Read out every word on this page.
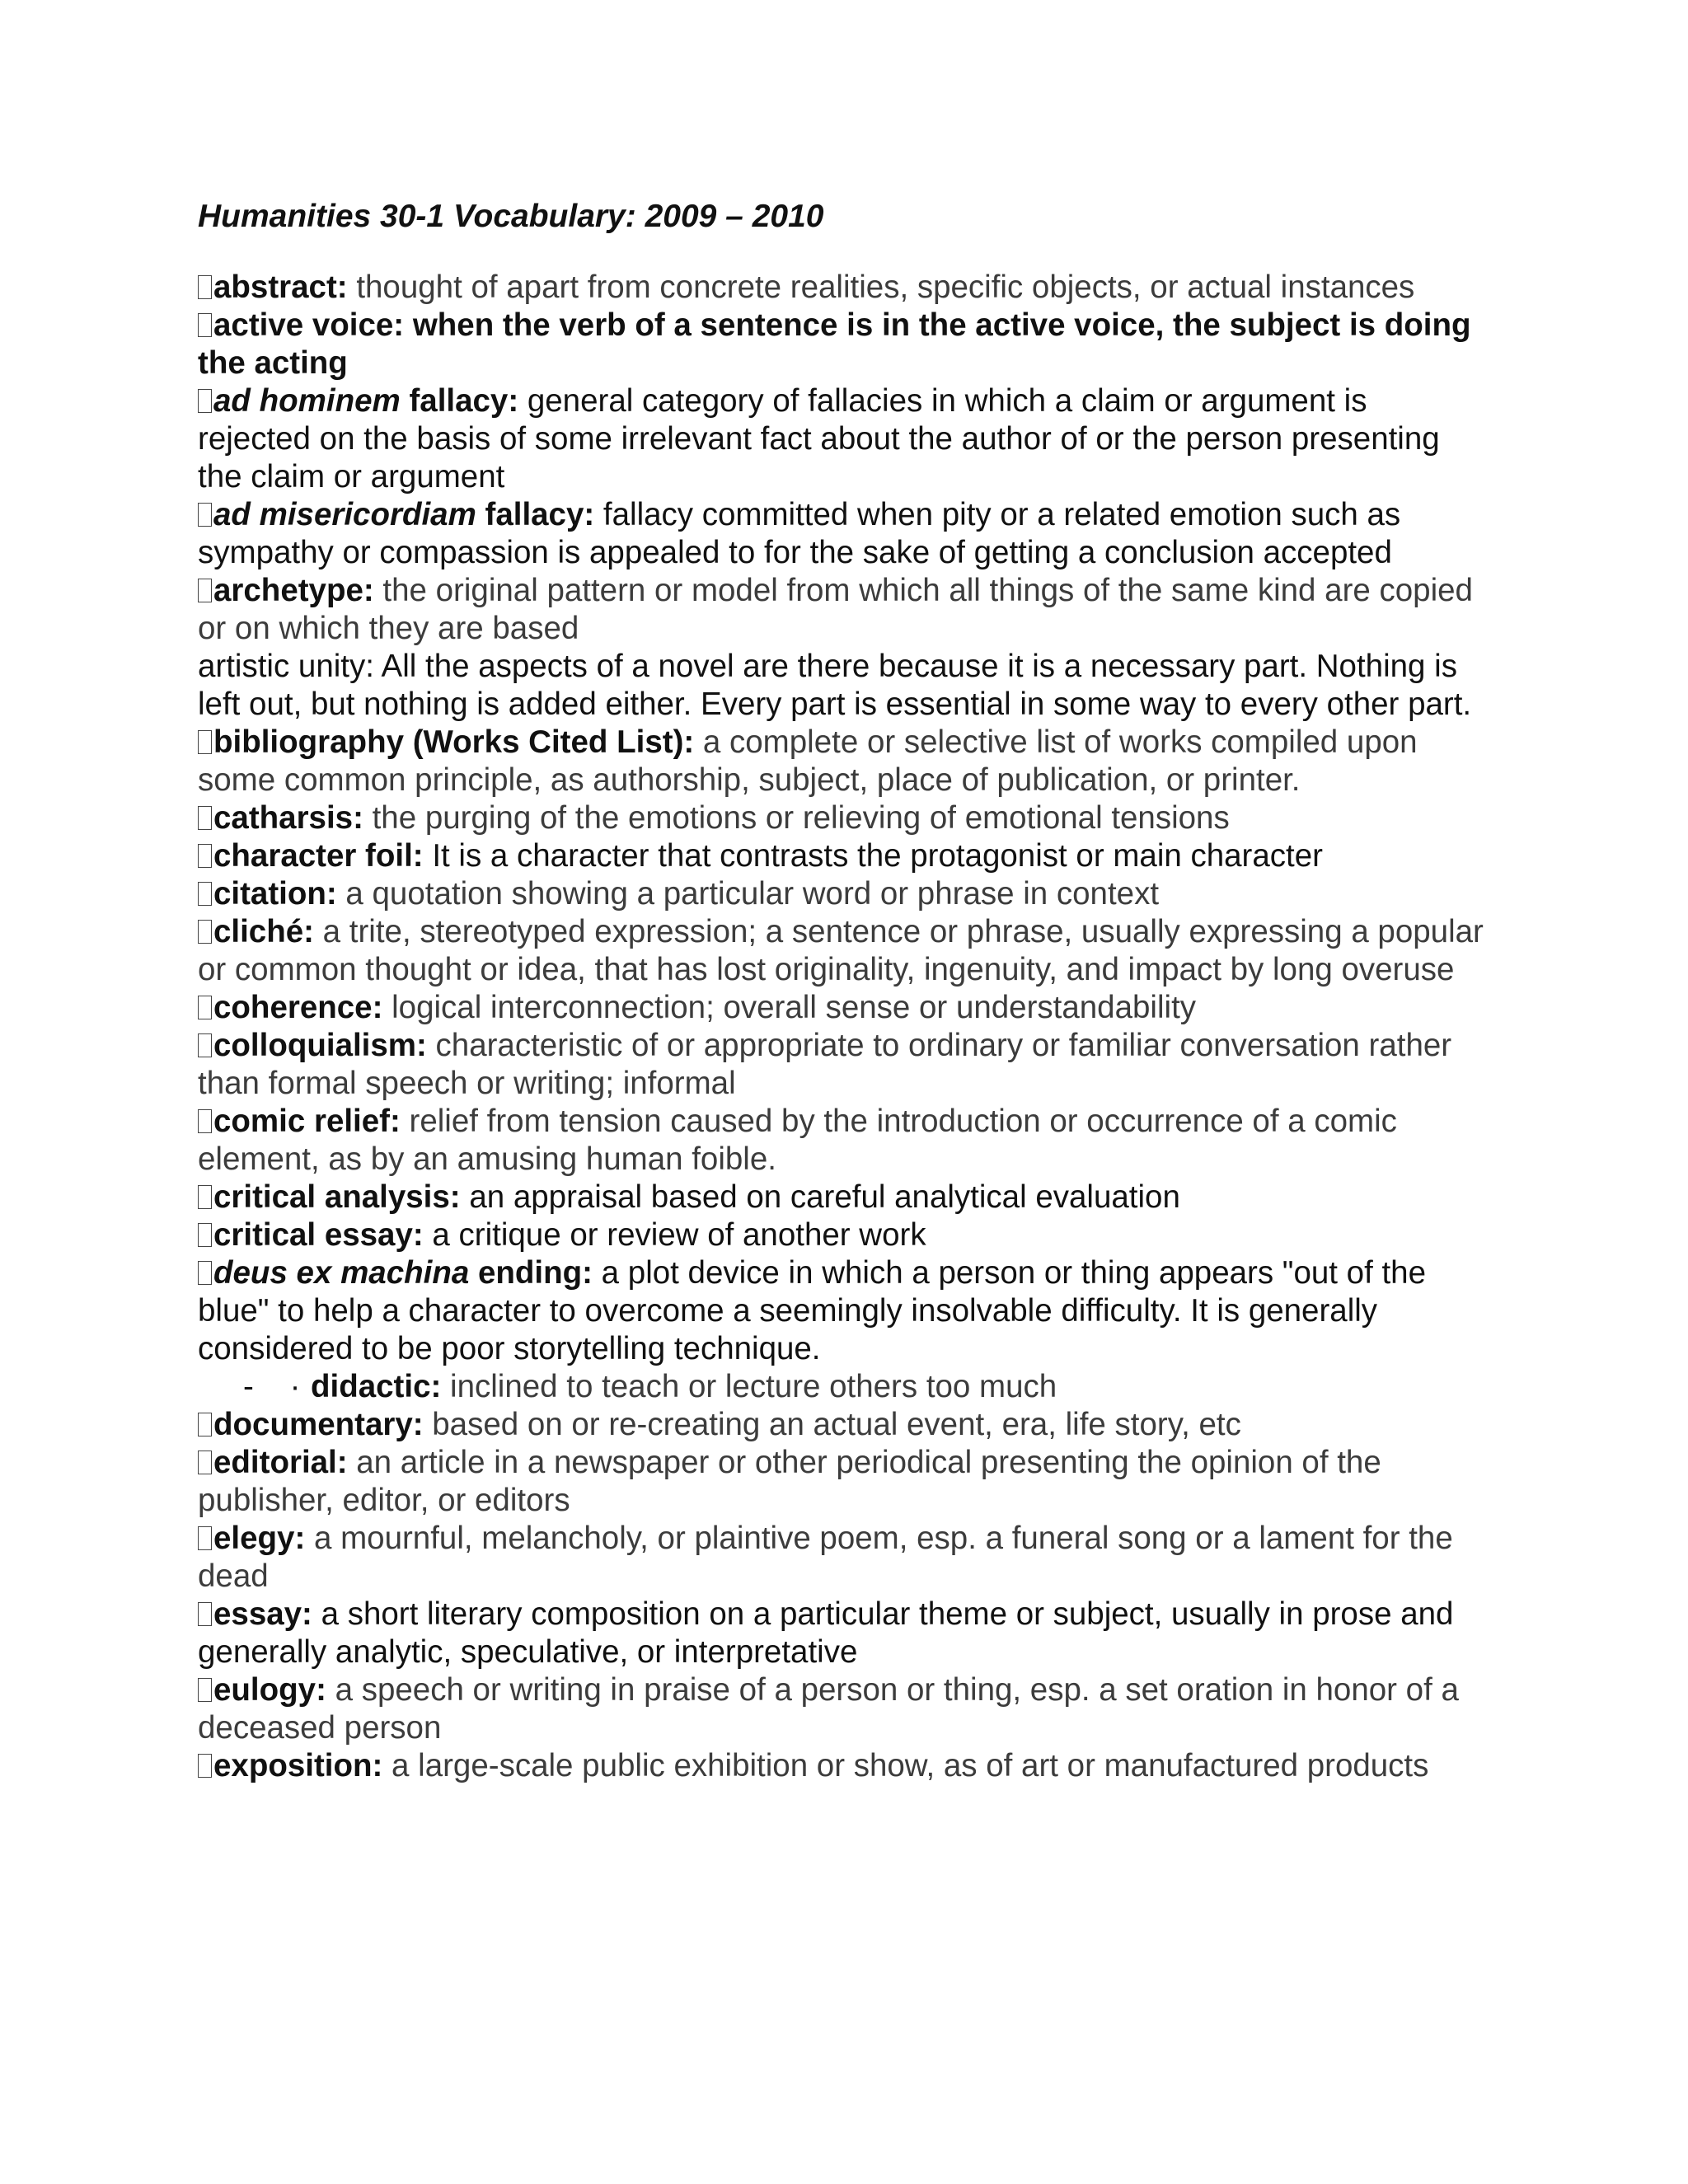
Humanities 30-1 Vocabulary: 2009 – 2010

abstract: thought of apart from concrete realities, specific objects, or actual instances

active voice: when the verb of a sentence is in the active voice, the subject is doing the acting

ad hominem fallacy: general category of fallacies in which a claim or argument is rejected on the basis of some irrelevant fact about the author of or the person presenting the claim or argument

ad misericordiam fallacy: fallacy committed when pity or a related emotion such as sympathy or compassion is appealed to for the sake of getting a conclusion accepted

archetype: the original pattern or model from which all things of the same kind are copied or on which they are based

artistic unity: All the aspects of a novel are there because it is a necessary part. Nothing is left out, but nothing is added either. Every part is essential in some way to every other part.

bibliography (Works Cited List): a complete or selective list of works compiled upon some common principle, as authorship, subject, place of publication, or printer.

catharsis: the purging of the emotions or relieving of emotional tensions

character foil: It is a character that contrasts the protagonist or main character

citation: a quotation showing a particular word or phrase in context

cliché: a trite, stereotyped expression; a sentence or phrase, usually expressing a popular or common thought or idea, that has lost originality, ingenuity, and impact by long overuse

coherence: logical interconnection; overall sense or understandability

colloquialism: characteristic of or appropriate to ordinary or familiar conversation rather than formal speech or writing; informal

comic relief: relief from tension caused by the introduction or occurrence of a comic element, as by an amusing human foible.

critical analysis: an appraisal based on careful analytical evaluation

critical essay: a critique or review of another work

deus ex machina ending: a plot device in which a person or thing appears "out of the blue" to help a character to overcome a seemingly insolvable difficulty. It is generally considered to be poor storytelling technique.

- · didactic: inclined to teach or lecture others too much

documentary: based on or re-creating an actual event, era, life story, etc

editorial: an article in a newspaper or other periodical presenting the opinion of the publisher, editor, or editors

elegy: a mournful, melancholy, or plaintive poem, esp. a funeral song or a lament for the dead

essay: a short literary composition on a particular theme or subject, usually in prose and generally analytic, speculative, or interpretative

eulogy: a speech or writing in praise of a person or thing, esp. a set oration in honor of a deceased person

exposition: a large-scale public exhibition or show, as of art or manufactured products
